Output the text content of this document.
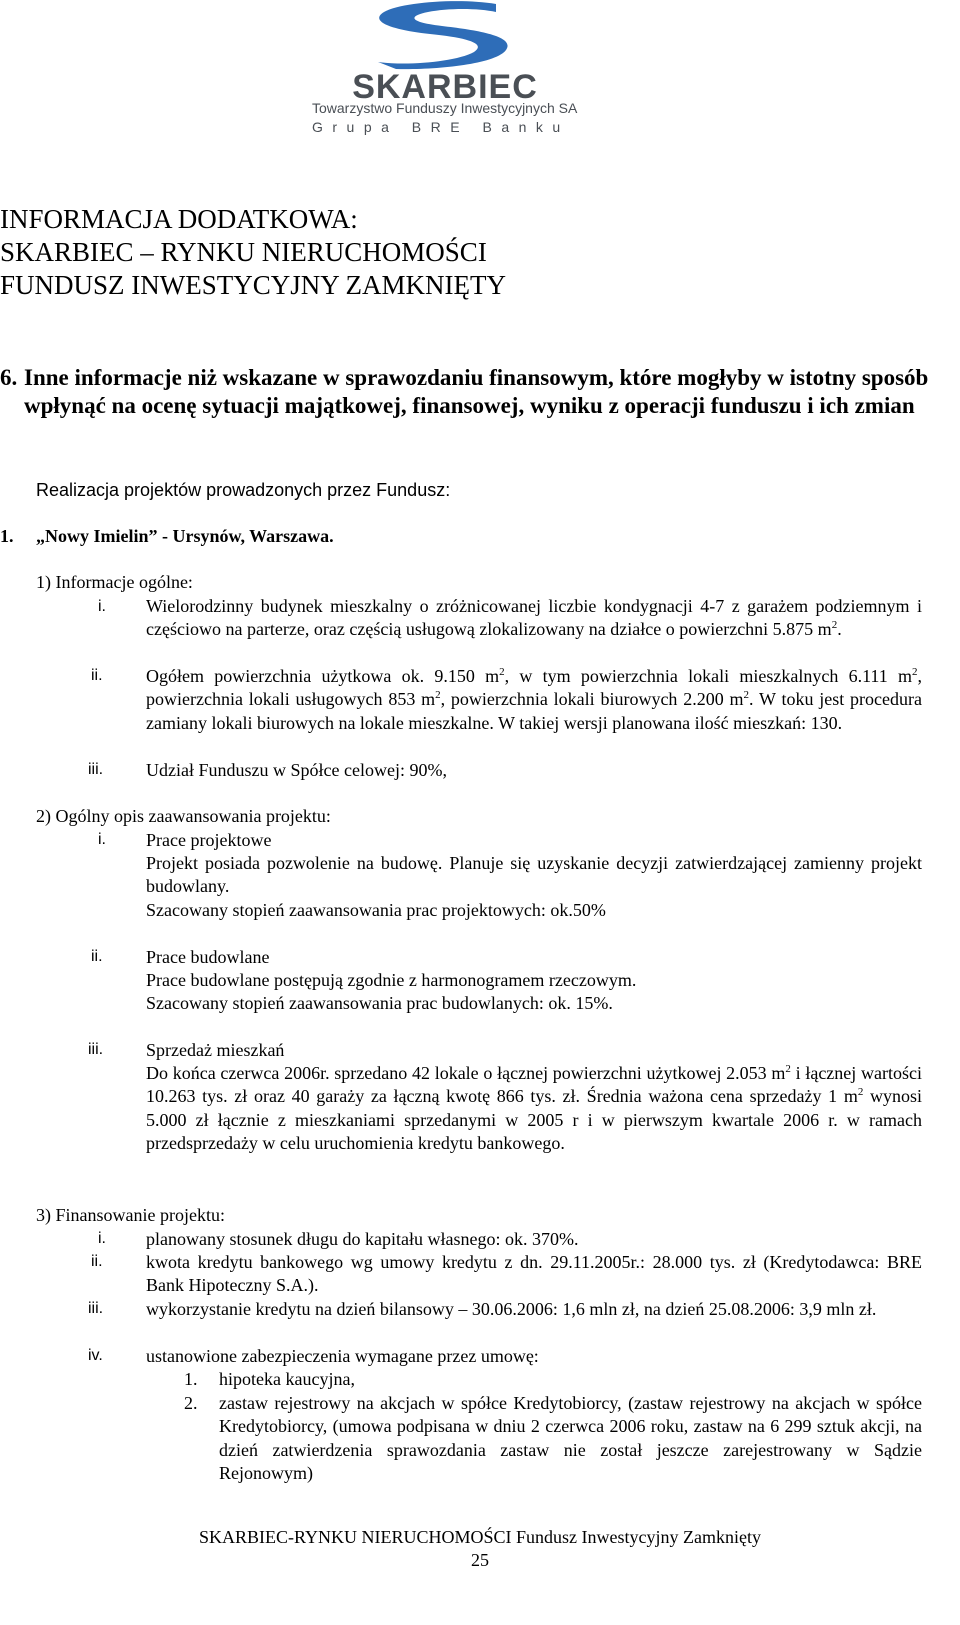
SKARBIEC
Towarzystwo Funduszy Inwestycyjnych SA
Grupa BRE Banku
INFORMACJA DODATKOWA:
SKARBIEC – RYNKU NIERUCHOMOŚCI
FUNDUSZ INWESTYCYJNY ZAMKNIĘTY
6. Inne informacje niż wskazane w sprawozdaniu finansowym, które mogłyby w istotny sposób wpłynąć na ocenę sytuacji majątkowej, finansowej, wyniku z operacji funduszu i ich zmian
Realizacja projektów prowadzonych przez Fundusz:
1. „Nowy Imielin” - Ursynów, Warszawa.
1) Informacje ogólne:
i. Wielorodzinny budynek mieszkalny o zróżnicowanej liczbie kondygnacji 4-7 z garażem podziemnym i częściowo na parterze, oraz częścią usługową zlokalizowany na działce o powierzchni 5.875 $m^2$.
ii. Ogółem powierzchnia użytkowa ok. 9.150 $m^2$, w tym powierzchnia lokali mieszkalnych 6.111 $m^2$, powierzchnia lokali usługowych 853 $m^2$, powierzchnia lokali biurowych 2.200 $m^2$. W toku jest procedura zamiany lokali biurowych na lokale mieszkalne. W takiej wersji planowana ilość mieszkań: 130.
iii. Udział Funduszu w Spółce celowej: 90%,
2) Ogólny opis zaawansowania projektu:
i. Prace projektowe
Projekt posiada pozwolenie na budowę. Planuje się uzyskanie decyzji zatwierdzającej zamienny projekt budowlany.
Szacowany stopień zaawansowania prac projektowych: ok.50%
ii. Prace budowlane
Prace budowlane postępują zgodnie z harmonogramem rzeczowym.
Szacowany stopień zaawansowania prac budowlanych: ok. 15%.
iii. Sprzedaż mieszkań
Do końca czerwca 2006r. sprzedano 42 lokale o łącznej powierzchni użytkowej 2.053 $m^2$ i łącznej wartości 10.263 tys. zł oraz 40 garaży za łączną kwotę 866 tys. zł. Średnia ważona cena sprzedaży 1 $m^2$ wynosi 5.000 zł łącznie z mieszkaniami sprzedanymi w 2005 r i w pierwszym kwartale 2006 r. w ramach przedsprzedaży w celu uruchomienia kredytu bankowego.
3) Finansowanie projektu:
i. planowany stosunek długu do kapitału własnego: ok. 370%.
ii. kwota kredytu bankowego wg umowy kredytu z dn. 29.11.2005r.: 28.000 tys. zł (Kredytodawca: BRE Bank Hipoteczny S.A.).
iii. wykorzystanie kredytu na dzień bilansowy – 30.06.2006: 1,6 mln zł, na dzień 25.08.2006: 3,9 mln zł.
iv. ustanowione zabezpieczenia wymagane przez umowę:
1. hipoteka kaucyjna,
2. zastaw rejestrowy na akcjach w spółce Kredytobiorcy, (zastaw rejestrowy na akcjach w spółce Kredytobiorcy, (umowa podpisana w dniu 2 czerwca 2006 roku, zastaw na 6 299 sztuk akcji, na dzień zatwierdzenia sprawozdania zastaw nie został jeszcze zarejestrowany w Sądzie Rejonowym)
SKARBIEC-RYNKU NIERUCHOMOŚCI Fundusz Inwestycyjny Zamknięty
25
